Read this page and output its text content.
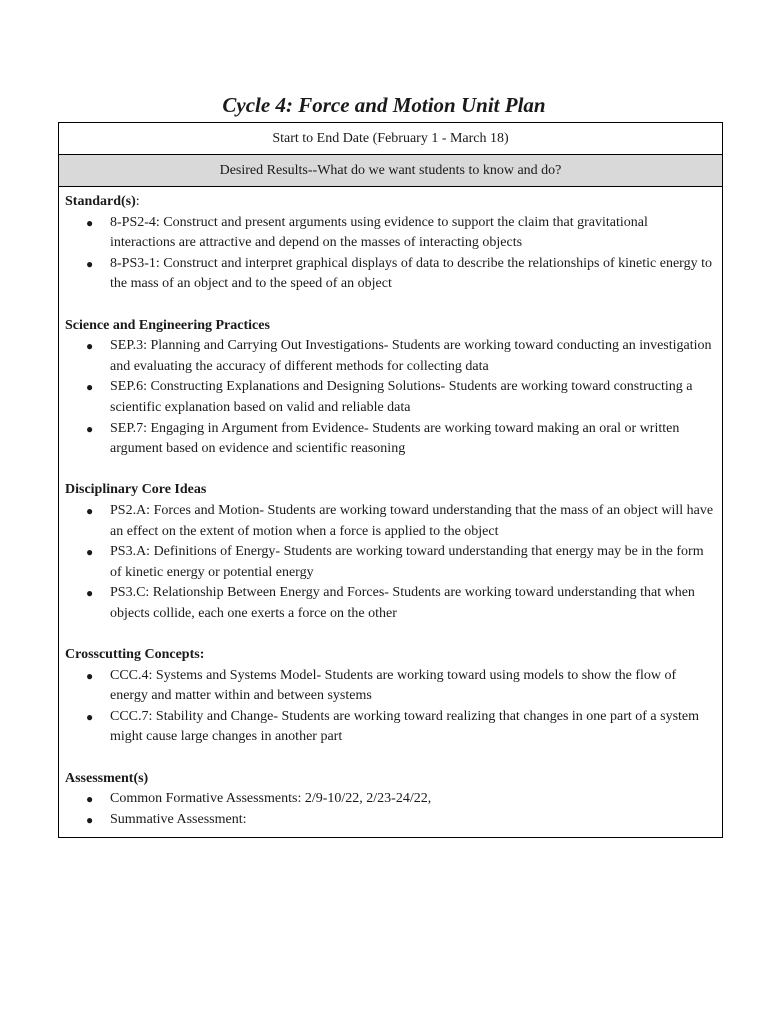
Cycle 4: Force and Motion Unit Plan
Start to End Date (February 1 - March 18)
Desired Results--What do we want students to know and do?

Standard(s):

● 8-PS2-4: Construct and present arguments using evidence to support the claim that gravitational interactions are attractive and depend on the masses of interacting objects
● 8-PS3-1: Construct and interpret graphical displays of data to describe the relationships of kinetic energy to the mass of an object and to the speed of an object

Science and Engineering Practices

● SEP.3: Planning and Carrying Out Investigations- Students are working toward conducting an investigation and evaluating the accuracy of different methods for collecting data
● SEP.6: Constructing Explanations and Designing Solutions- Students are working toward constructing a scientific explanation based on valid and reliable data
● SEP.7: Engaging in Argument from Evidence- Students are working toward making an oral or written argument based on evidence and scientific reasoning

Disciplinary Core Ideas

● PS2.A: Forces and Motion- Students are working toward understanding that the mass of an object will have an effect on the extent of motion when a force is applied to the object
● PS3.A: Definitions of Energy- Students are working toward understanding that energy may be in the form of kinetic energy or potential energy
● PS3.C: Relationship Between Energy and Forces- Students are working toward understanding that when objects collide, each one exerts a force on the other

Crosscutting Concepts:

● CCC.4: Systems and Systems Model- Students are working toward using models to show the flow of energy and matter within and between systems
● CCC.7: Stability and Change- Students are working toward realizing that changes in one part of a system might cause large changes in another part

Assessment(s)

● Common Formative Assessments: 2/9-10/22, 2/23-24/22,
● Summative Assessment:
